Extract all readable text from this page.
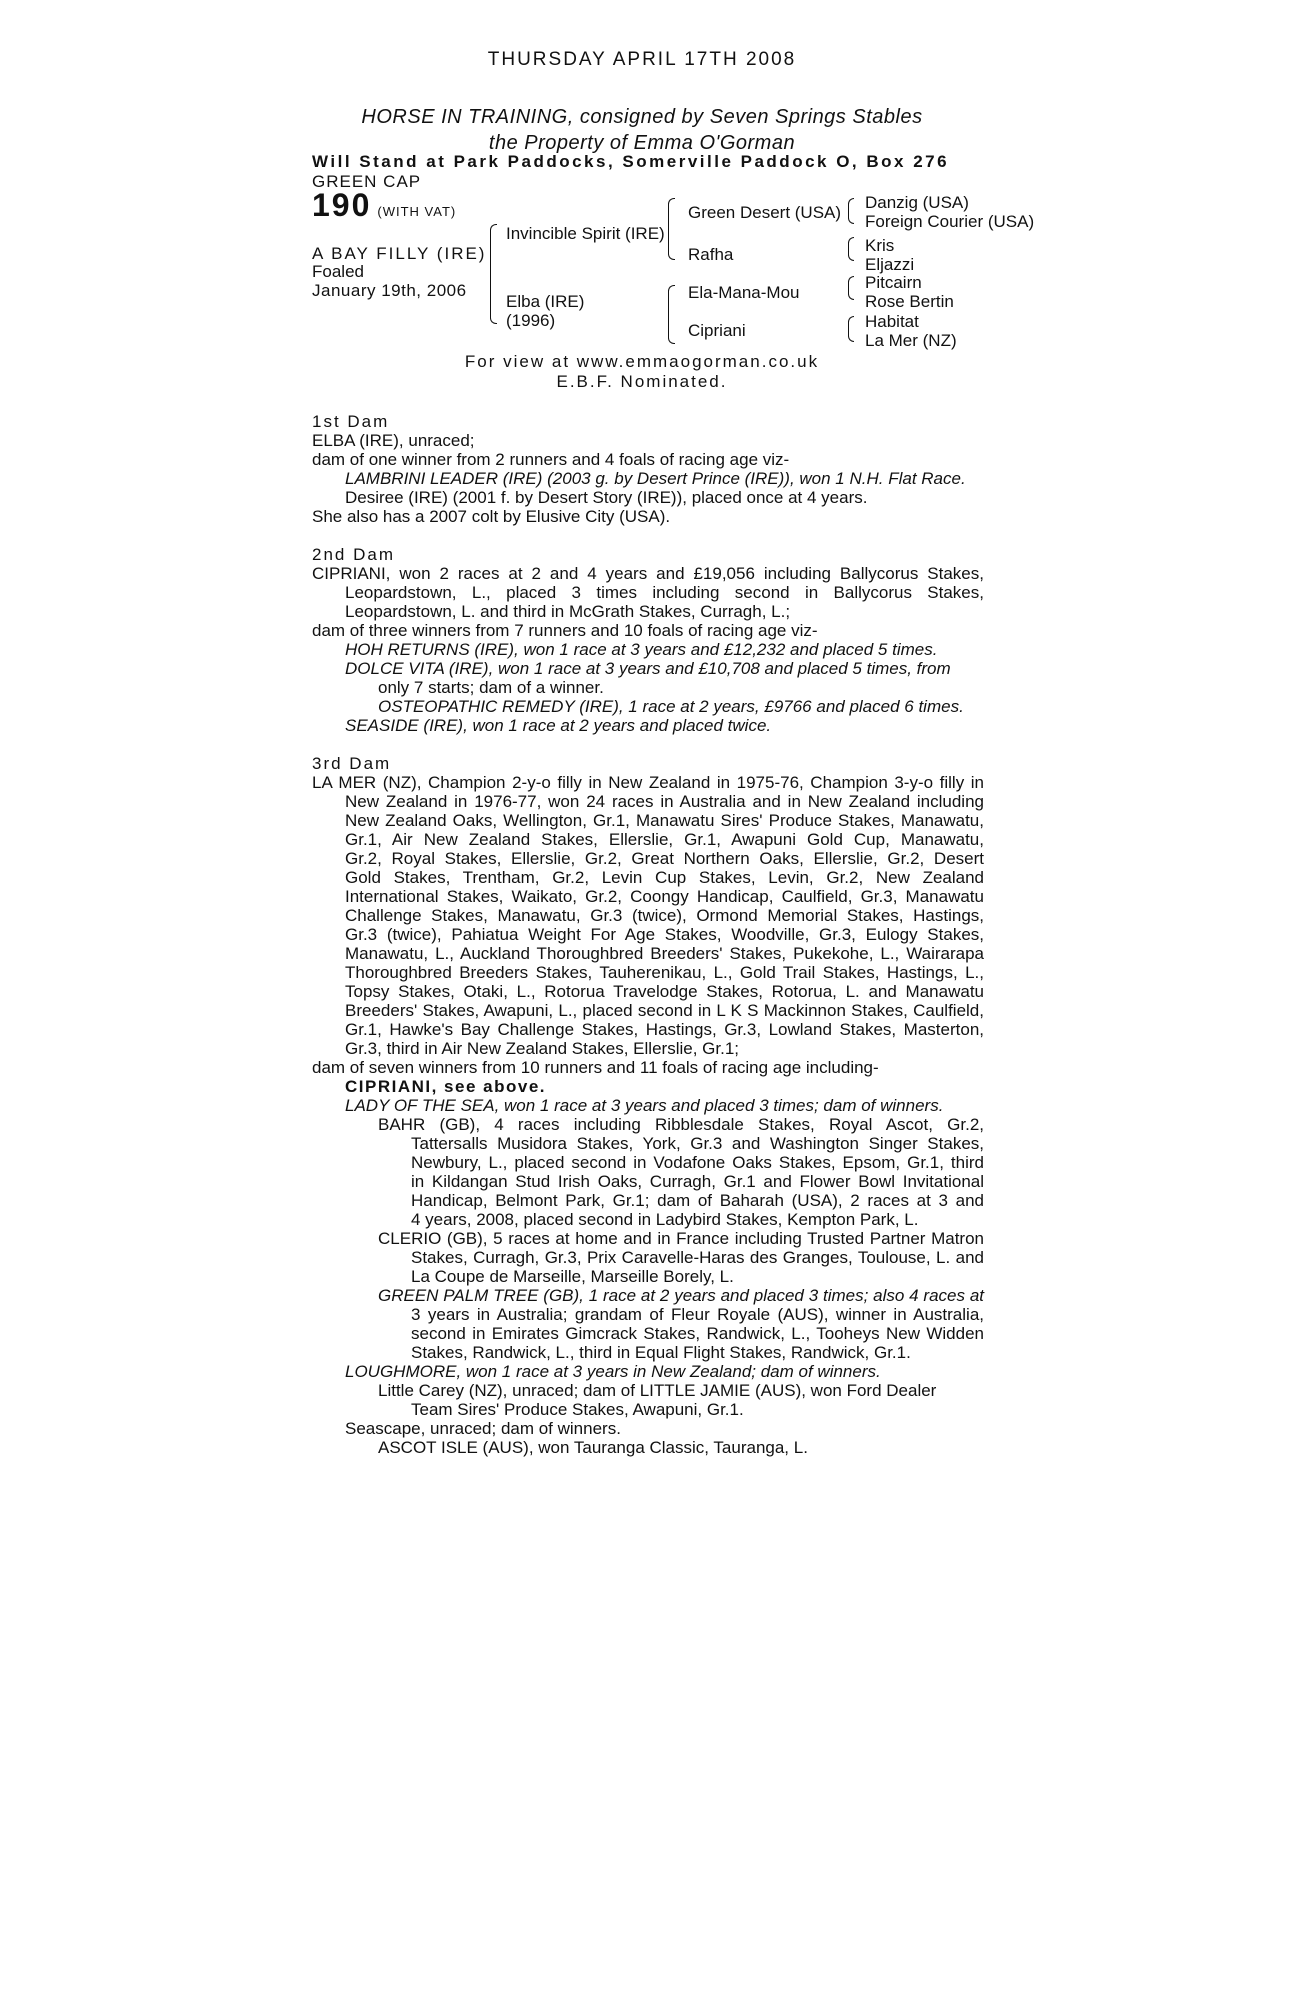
THURSDAY APRIL 17TH 2008
HORSE IN TRAINING, consigned by Seven Springs Stables
the Property of Emma O'Gorman
Will Stand at Park Paddocks, Somerville Paddock O, Box 276
GREEN CAP
190 (WITH VAT)
A BAY FILLY (IRE)
Foaled
January 19th, 2006
Invincible Spirit (IRE)
Elba (IRE)
(1996)
Green Desert (USA)
Rafha
Ela-Mana-Mou
Cipriani
Danzig (USA)
Foreign Courier (USA)
Kris
Eljazzi
Pitcairn
Rose Bertin
Habitat
La Mer (NZ)
For view at www.emmaogorman.co.uk
E.B.F. Nominated.
1st Dam
ELBA (IRE), unraced;
dam of one winner from 2 runners and 4 foals of racing age viz-
LAMBRINI LEADER (IRE) (2003 g. by Desert Prince (IRE)), won 1 N.H. Flat Race.
Desiree (IRE) (2001 f. by Desert Story (IRE)), placed once at 4 years.
She also has a 2007 colt by Elusive City (USA).
2nd Dam
CIPRIANI, won 2 races at 2 and 4 years and £19,056 including Ballycorus Stakes,
Leopardstown, L., placed 3 times including second in Ballycorus Stakes,
Leopardstown, L. and third in McGrath Stakes, Curragh, L.;
dam of three winners from 7 runners and 10 foals of racing age viz-
HOH RETURNS (IRE), won 1 race at 3 years and £12,232 and placed 5 times.
DOLCE VITA (IRE), won 1 race at 3 years and £10,708 and placed 5 times, from
only 7 starts; dam of a winner.
OSTEOPATHIC REMEDY (IRE), 1 race at 2 years, £9766 and placed 6 times.
SEASIDE (IRE), won 1 race at 2 years and placed twice.
3rd Dam
LA MER (NZ), Champion 2-y-o filly in New Zealand in 1975-76, Champion 3-y-o filly in
New Zealand in 1976-77, won 24 races in Australia and in New Zealand including
New Zealand Oaks, Wellington, Gr.1, Manawatu Sires' Produce Stakes, Manawatu,
Gr.1, Air New Zealand Stakes, Ellerslie, Gr.1, Awapuni Gold Cup, Manawatu,
Gr.2, Royal Stakes, Ellerslie, Gr.2, Great Northern Oaks, Ellerslie, Gr.2, Desert
Gold Stakes, Trentham, Gr.2, Levin Cup Stakes, Levin, Gr.2, New Zealand
International Stakes, Waikato, Gr.2, Coongy Handicap, Caulfield, Gr.3, Manawatu
Challenge Stakes, Manawatu, Gr.3 (twice), Ormond Memorial Stakes, Hastings,
Gr.3 (twice), Pahiatua Weight For Age Stakes, Woodville, Gr.3, Eulogy Stakes,
Manawatu, L., Auckland Thoroughbred Breeders' Stakes, Pukekohe, L., Wairarapa
Thoroughbred Breeders Stakes, Tauherenikau, L., Gold Trail Stakes, Hastings, L.,
Topsy Stakes, Otaki, L., Rotorua Travelodge Stakes, Rotorua, L. and Manawatu
Breeders' Stakes, Awapuni, L., placed second in L K S Mackinnon Stakes, Caulfield,
Gr.1, Hawke's Bay Challenge Stakes, Hastings, Gr.3, Lowland Stakes, Masterton,
Gr.3, third in Air New Zealand Stakes, Ellerslie, Gr.1;
dam of seven winners from 10 runners and 11 foals of racing age including-
CIPRIANI, see above.
LADY OF THE SEA, won 1 race at 3 years and placed 3 times; dam of winners.
BAHR (GB), 4 races including Ribblesdale Stakes, Royal Ascot, Gr.2,
Tattersalls Musidora Stakes, York, Gr.3 and Washington Singer Stakes,
Newbury, L., placed second in Vodafone Oaks Stakes, Epsom, Gr.1, third
in Kildangan Stud Irish Oaks, Curragh, Gr.1 and Flower Bowl Invitational
Handicap, Belmont Park, Gr.1; dam of Baharah (USA), 2 races at 3 and
4 years, 2008, placed second in Ladybird Stakes, Kempton Park, L.
CLERIO (GB), 5 races at home and in France including Trusted Partner Matron
Stakes, Curragh, Gr.3, Prix Caravelle-Haras des Granges, Toulouse, L. and
La Coupe de Marseille, Marseille Borely, L.
GREEN PALM TREE (GB), 1 race at 2 years and placed 3 times; also 4 races at
3 years in Australia; grandam of Fleur Royale (AUS), winner in Australia,
second in Emirates Gimcrack Stakes, Randwick, L., Tooheys New Widden
Stakes, Randwick, L., third in Equal Flight Stakes, Randwick, Gr.1.
LOUGHMORE, won 1 race at 3 years in New Zealand; dam of winners.
Little Carey (NZ), unraced; dam of LITTLE JAMIE (AUS), won Ford Dealer
Team Sires' Produce Stakes, Awapuni, Gr.1.
Seascape, unraced; dam of winners.
ASCOT ISLE (AUS), won Tauranga Classic, Tauranga, L.
